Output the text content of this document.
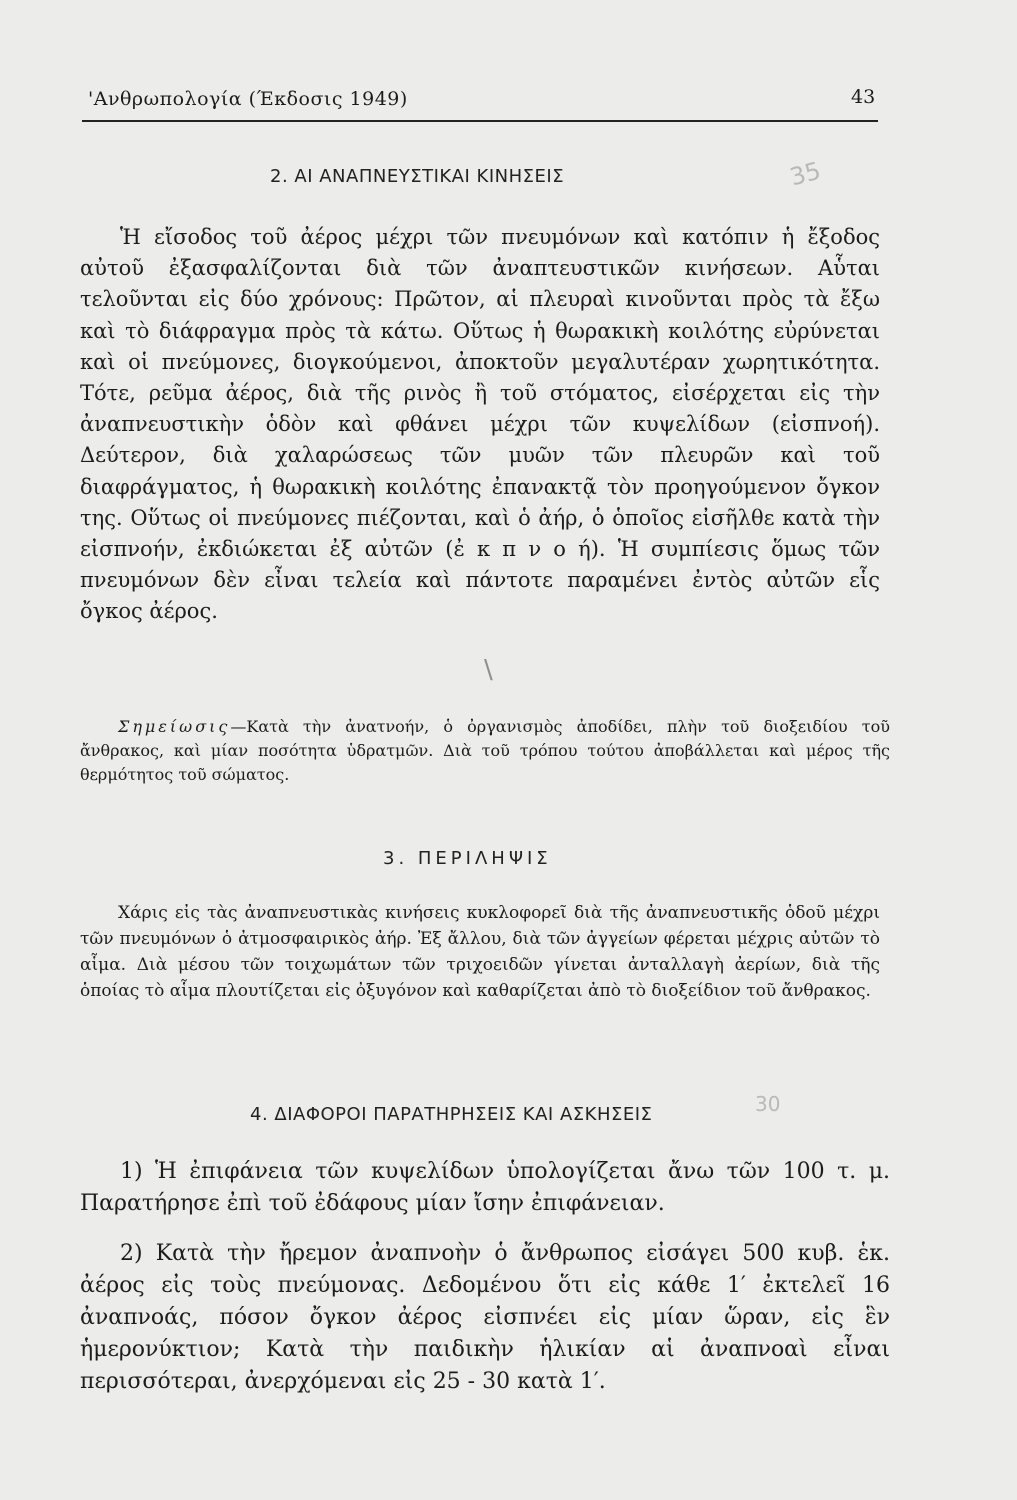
'Ανθρωπολογία (Έκδοσις 1949)	43
2. ΑΙ ΑΝΑΠΝΕΥΣΤΙΚΑΙ ΚΙΝΗΣΕΙΣ	35

Ἡ εἴσοδος τοῦ ἀέρος μέχρι τῶν πνευμόνων καὶ κατόπιν ἡ ἔξοδος αὐτοῦ ἐξασφαλίζονται διὰ τῶν ἀναπτευστικῶν κινήσεων. Αὗται τελοῦνται εἰς δύο χρόνους: Πρῶτον, αἱ πλευραὶ κινοῦνται πρὸς τὰ ἔξω καὶ τὸ διάφραγμα πρὸς τὰ κάτω. Οὕτως ἡ θωρακικὴ κοιλότης εὐρύνεται καὶ οἱ πνεύμονες, διογκούμενοι, ἀποκτοῦν μεγαλυτέραν χωρητικότητα. Τότε, ρεῦμα ἀέρος, διὰ τῆς ρινὸς ἢ τοῦ στόματος, εἰσέρχεται εἰς τὴν ἀναπνευστικὴν ὁδὸν καὶ φθάνει μέχρι τῶν κυψελίδων (εἰσπνοή). Δεύτερον, διὰ χαλαρώσεως τῶν μυῶν τῶν πλευρῶν καὶ τοῦ διαφράγματος, ἡ θωρακικὴ κοιλότης ἐπανακτᾷ τὸν προηγούμενον ὄγκον της. Οὕτως οἱ πνεύμονες πιέζονται, καὶ ὁ ἀήρ, ὁ ὁποῖος εἰσῆλθε κατὰ τὴν εἰσπνοήν, ἐκδιώκεται ἐξ αὐτῶν (ἐ κ π ν ο ή). Ἡ συμπίεσις ὅμως τῶν πνευμόνων δὲν εἶναι τελεία καὶ πάντοτε παραμένει ἐντὸς αὐτῶν εἷς ὄγκος ἀέρος.

\

Σημείωσις—Κατὰ τὴν ἀνατνοήν, ὁ ὀργανισμὸς ἀποδίδει, πλὴν τοῦ διοξειδίου τοῦ ἄνθρακος, καὶ μίαν ποσότητα ὑδρατμῶν. Διὰ τοῦ τρόπου τούτου ἀποβάλλεται καὶ μέρος τῆς θερμότητος τοῦ σώματος.

3. ΠΕΡΙΛΗΨΙΣ

Χάρις εἰς τὰς ἀναπνευστικὰς κινήσεις κυκλοφορεῖ διὰ τῆς ἀναπνευστικῆς ὁδοῦ μέχρι τῶν πνευμόνων ὁ ἀτμοσφαιρικὸς ἀήρ. Ἐξ ἄλλου, διὰ τῶν ἀγγείων φέρεται μέχρις αὐτῶν τὸ αἷμα. Διὰ μέσου τῶν τοιχωμάτων τῶν τριχοειδῶν γίνεται ἀνταλλαγὴ ἀερίων, διὰ τῆς ὁποίας τὸ αἷμα πλουτίζεται εἰς ὀξυγόνον καὶ καθαρίζεται ἀπὸ τὸ διοξείδιον τοῦ ἄνθρακος.

4. ΔΙΑΦΟΡΟΙ ΠΑΡΑΤΗΡΗΣΕΙΣ ΚΑΙ ΑΣΚΗΣΕΙΣ	30

1) Ἡ ἐπιφάνεια τῶν κυψελίδων ὑπολογίζεται ἄνω τῶν 100 τ. μ. Παρατήρησε ἐπὶ τοῦ ἐδάφους μίαν ἴσην ἐπιφάνειαν.

2) Κατὰ τὴν ἤρεμον ἀναπνοὴν ὁ ἄνθρωπος εἰσάγει 500 κυβ. ἑκ. ἀέρος εἰς τοὺς πνεύμονας. Δεδομένου ὅτι εἰς κάθε 1′ ἐκτελεῖ 16 ἀναπνοάς, πόσον ὄγκον ἀέρος εἰσπνέει εἰς μίαν ὥραν, εἰς ἓν ἡμερονύκτιον; Κατὰ τὴν παιδικὴν ἡλικίαν αἱ ἀναπνοαὶ εἶναι περισσότεραι, ἀνερχόμεναι εἰς 25 - 30 κατὰ 1′.
